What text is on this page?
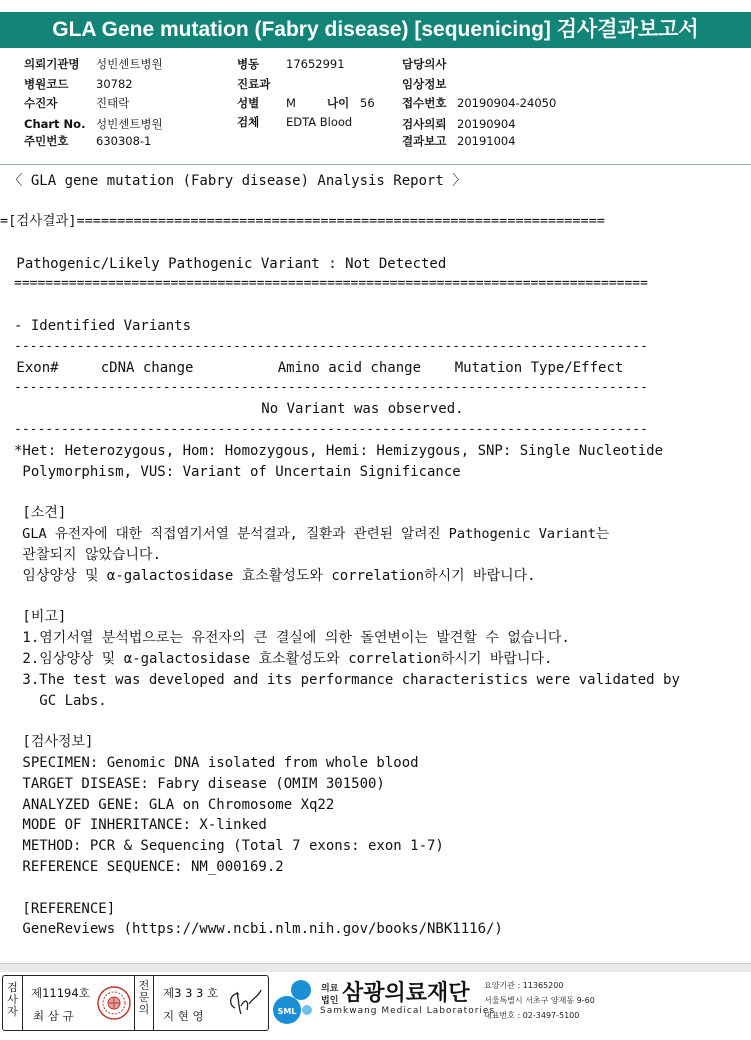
GLA Gene mutation (Fabry disease) [sequenicing] 검사결과보고서
의뢰기관명 성빈센트병원
병원코드 30782
수진자	진태락
Chart No. 성빈센트병원
주민번호 630308-1
병동 17652991
진료과
성별 M	나이 56
검체 EDTA Blood
담당의사
임상정보
접수번호 20190904-24050
검사의뢰 20190904
결과보고 20191004
〈 GLA gene mutation (Fabry disease) Analysis Report 〉
=[검사결과]=================================================================
Pathogenic/Likely Pathogenic Variant : Not Detected
=================================================================================
- Identified Variants
---------------------------------------------------------------------------------
Exon#     cDNA change          Amino acid change    Mutation Type/Effect
---------------------------------------------------------------------------------
No Variant was observed.
---------------------------------------------------------------------------------
*Het: Heterozygous, Hom: Homozygous, Hemi: Hemizygous, SNP: Single Nucleotide
Polymorphism, VUS: Variant of Uncertain Significance
[소견]
GLA 유전자에 대한 직접염기서열 분석결과, 질환과 관련된 알려진 Pathogenic Variant는
관찰되지 않았습니다.
임상양상 및 α-galactosidase 효소활성도와 correlation하시기 바랍니다.
[비고]
1.염기서열 분석법으로는 유전자의 큰 결실에 의한 돌연변이는 발견할 수 없습니다.
2.임상양상 및 α-galactosidase 효소활성도와 correlation하시기 바랍니다.
3.The test was developed and its performance characteristics were validated by
GC Labs.
[검사정보]
SPECIMEN: Genomic DNA isolated from whole blood
TARGET DISEASE: Fabry disease (OMIM 301500)
ANALYZED GENE: GLA on Chromosome Xq22
MODE OF INHERITANCE: X-linked
METHOD: PCR & Sequencing (Total 7 exons: exon 1-7)
REFERENCE SEQUENCE: NM_000169.2
[REFERENCE]
GeneReviews (https://www.ncbi.nlm.nih.gov/books/NBK1116/)
검사자
제11194호
최 삼 규
전문의
제3 3 3 호
지 현 영	SML
의료
법인 삼광의료재단
Samkwang Medical Laboratories
요양기관 : 11365200
서울특별시 서초구 양재동 9-60
대표번호 : 02-3497-5100
